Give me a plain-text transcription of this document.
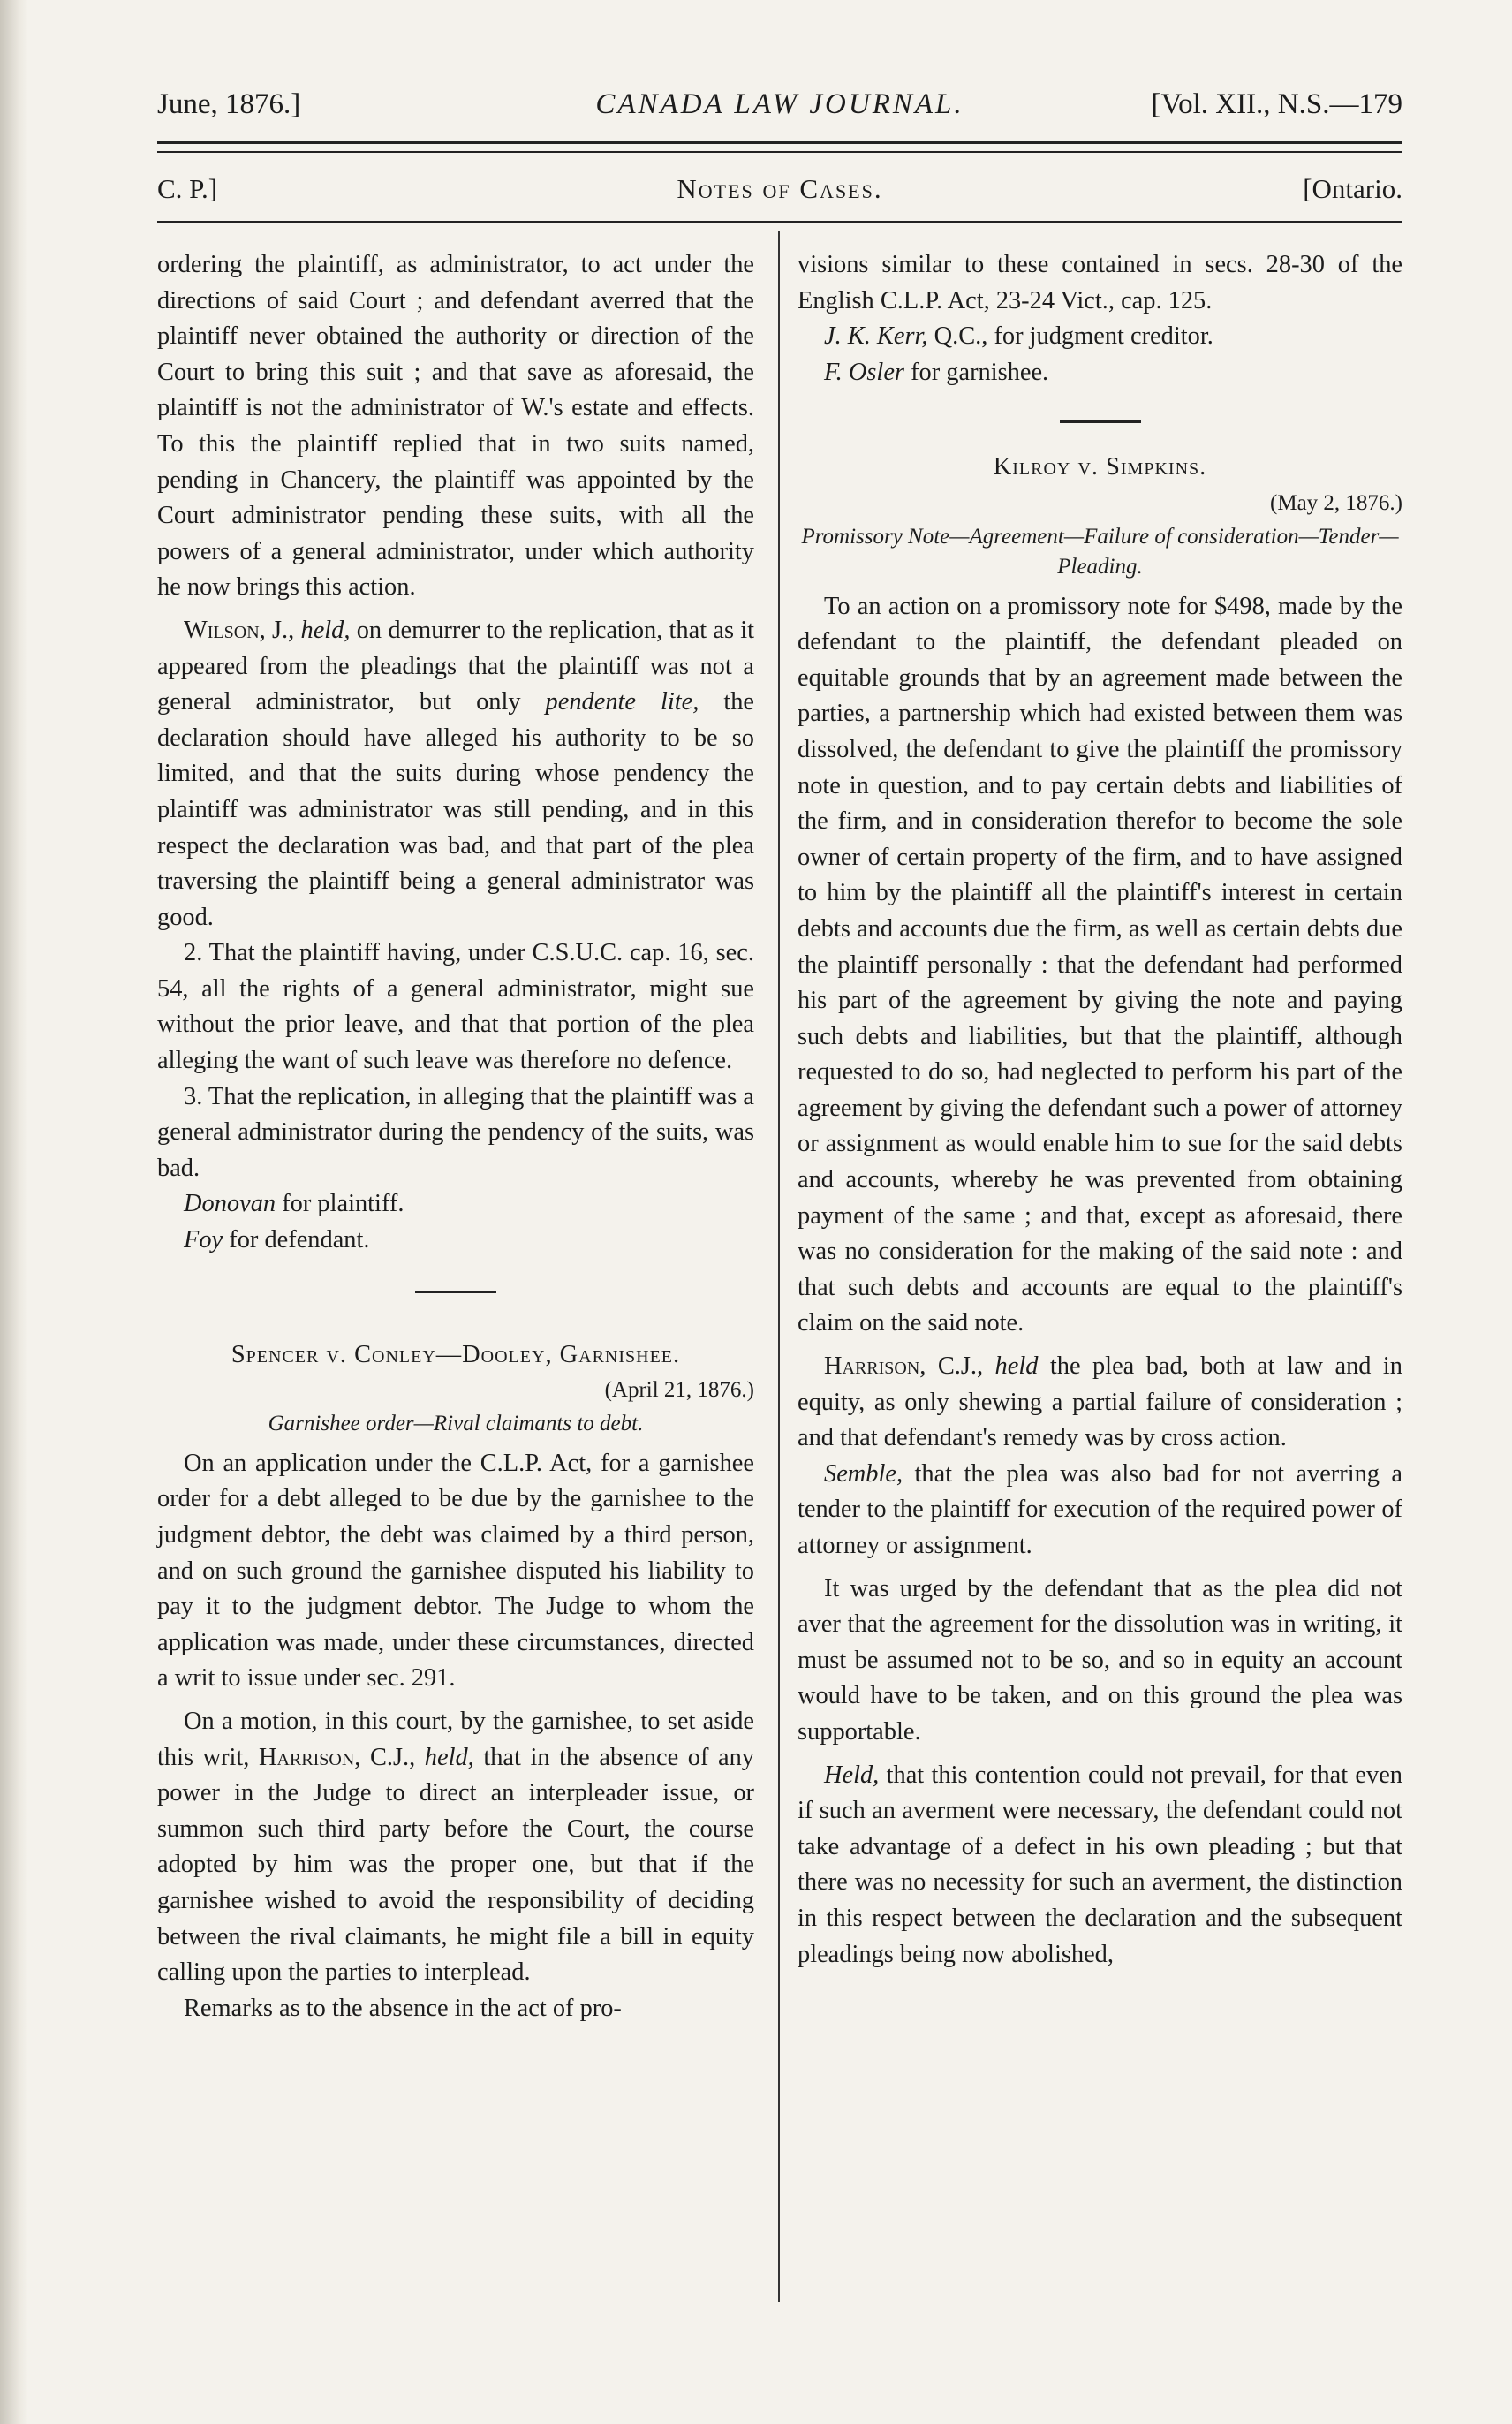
June, 1876.]	CANADA LAW JOURNAL.	[Vol. XII., N.S.—179
C. P.]	Notes of Cases.	[Ontario.

ordering the plaintiff, as administrator, to act under the directions of said Court ; and defendant averred that the plaintiff never obtained the authority or direction of the Court to bring this suit ; and that save as aforesaid, the plaintiff is not the administrator of W.'s estate and effects. To this the plaintiff replied that in two suits named, pending in Chancery, the plaintiff was appointed by the Court administrator pending these suits, with all the powers of a general administrator, under which authority he now brings this action.

Wilson, J., held, on demurrer to the replication, that as it appeared from the pleadings that the plaintiff was not a general administrator, but only pendente lite, the declaration should have alleged his authority to be so limited, and that the suits during whose pendency the plaintiff was administrator was still pending, and in this respect the declaration was bad, and that part of the plea traversing the plaintiff being a general administrator was good.

2. That the plaintiff having, under C.S.U.C. cap. 16, sec. 54, all the rights of a general administrator, might sue without the prior leave, and that that portion of the plea alleging the want of such leave was therefore no defence.

3. That the replication, in alleging that the plaintiff was a general administrator during the pendency of the suits, was bad.

Donovan for plaintiff.

Foy for defendant.

Spencer v. Conley—Dooley, Garnishee.

(April 21, 1876.)

Garnishee order—Rival claimants to debt.

On an application under the C.L.P. Act, for a garnishee order for a debt alleged to be due by the garnishee to the judgment debtor, the debt was claimed by a third person, and on such ground the garnishee disputed his liability to pay it to the judgment debtor. The Judge to whom the application was made, under these circumstances, directed a writ to issue under sec. 291.

On a motion, in this court, by the garnishee, to set aside this writ, Harrison, C.J., held, that in the absence of any power in the Judge to direct an interpleader issue, or summon such third party before the Court, the course adopted by him was the proper one, but that if the garnishee wished to avoid the responsibility of deciding between the rival claimants, he might file a bill in equity calling upon the parties to interplead.

Remarks as to the absence in the act of pro-

visions similar to these contained in secs. 28-30 of the English C.L.P. Act, 23-24 Vict., cap. 125.

J. K. Kerr, Q.C., for judgment creditor.

F. Osler for garnishee.

Kilroy v. Simpkins.

(May 2, 1876.)

Promissory Note—Agreement—Failure of consideration—Tender—Pleading.

To an action on a promissory note for $498, made by the defendant to the plaintiff, the defendant pleaded on equitable grounds that by an agreement made between the parties, a partnership which had existed between them was dissolved, the defendant to give the plaintiff the promissory note in question, and to pay certain debts and liabilities of the firm, and in consideration therefor to become the sole owner of certain property of the firm, and to have assigned to him by the plaintiff all the plaintiff's interest in certain debts and accounts due the firm, as well as certain debts due the plaintiff personally : that the defendant had performed his part of the agreement by giving the note and paying such debts and liabilities, but that the plaintiff, although requested to do so, had neglected to perform his part of the agreement by giving the defendant such a power of attorney or assignment as would enable him to sue for the said debts and accounts, whereby he was prevented from obtaining payment of the same ; and that, except as aforesaid, there was no consideration for the making of the said note : and that such debts and accounts are equal to the plaintiff's claim on the said note.

Harrison, C.J., held the plea bad, both at law and in equity, as only shewing a partial failure of consideration ; and that defendant's remedy was by cross action.

Semble, that the plea was also bad for not averring a tender to the plaintiff for execution of the required power of attorney or assignment.

It was urged by the defendant that as the plea did not aver that the agreement for the dissolution was in writing, it must be assumed not to be so, and so in equity an account would have to be taken, and on this ground the plea was supportable.

Held, that this contention could not prevail, for that even if such an averment were necessary, the defendant could not take advantage of a defect in his own pleading ; but that there was no necessity for such an averment, the distinction in this respect between the declaration and the subsequent pleadings being now abolished,
